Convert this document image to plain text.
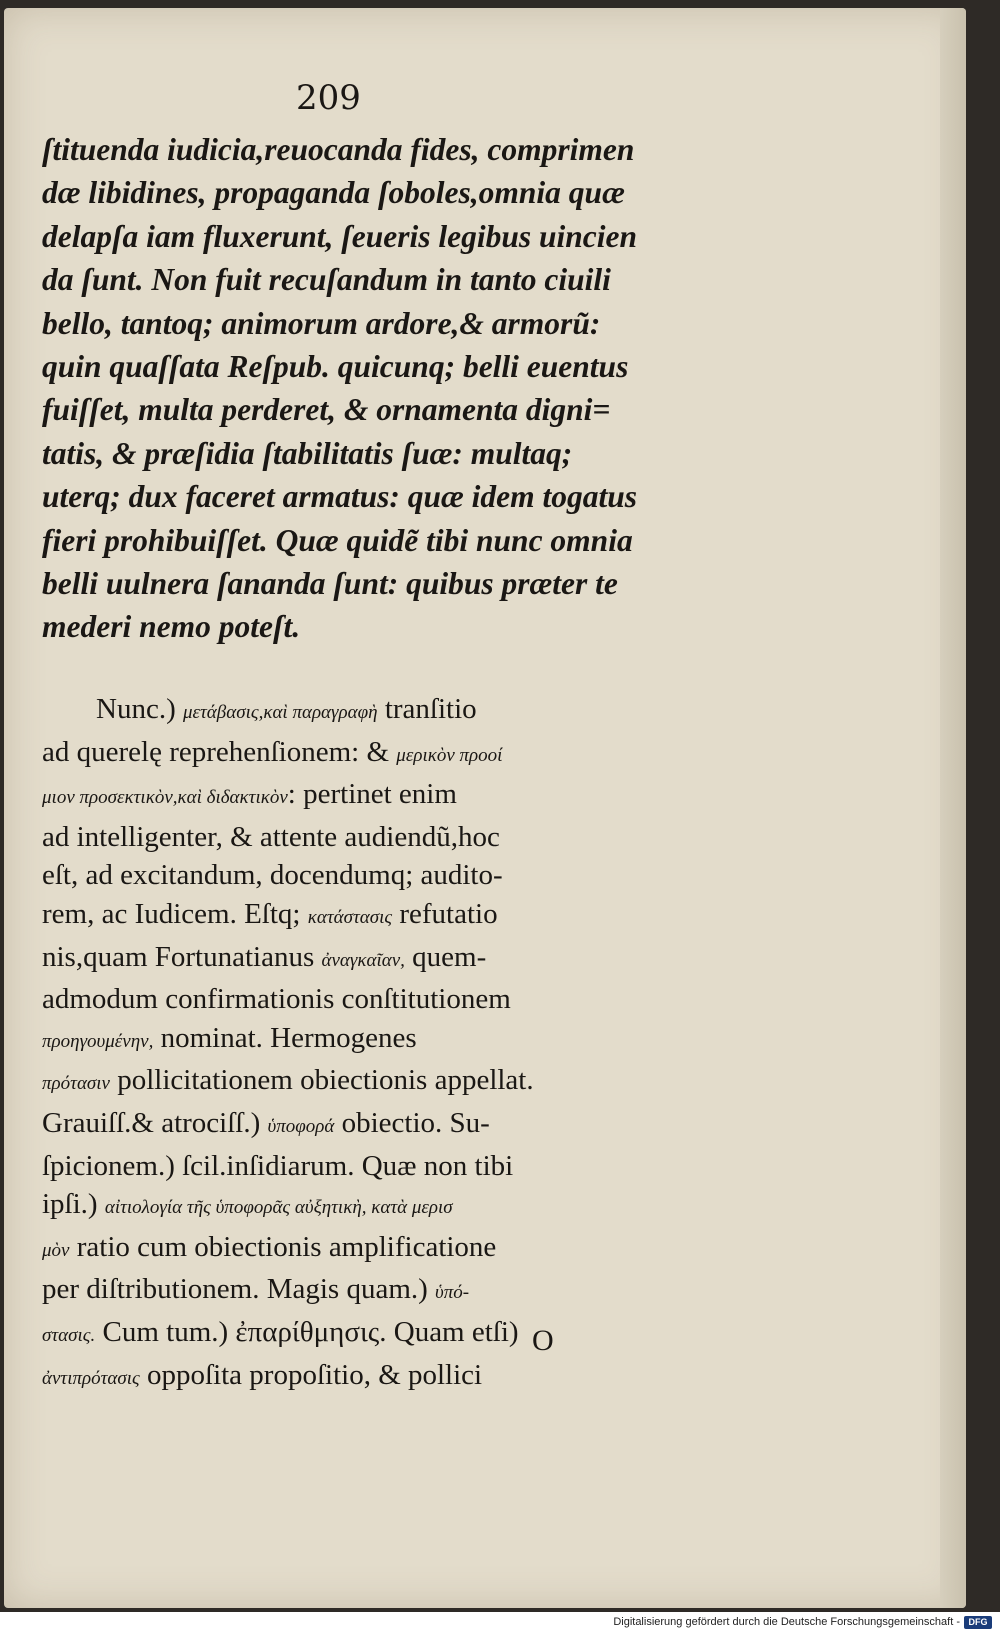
209
ſtituenda iudicia,reuocanda fides, comprimen
dæ libidines, propaganda ſoboles,omnia quæ
delapſa iam fluxerunt, ſeueris legibus uincien
da ſunt. Non fuit recuſandum in tanto ciuili
bello, tantoq; animorum ardore,& armorũ:
quin quaſſata Reſpub. quicunq; belli euentus
fuiſſet, multa perderet, & ornamenta digni=
tatis, & præſidia ſtabilitatis ſuæ: multaq;
uterq; dux faceret armatus: quæ idem togatus
fieri prohibuiſſet. Quæ quidẽ tibi nunc omnia
belli uulnera ſananda ſunt: quibus præter te
mederi nemo poteſt.
Nunc.) μετάβασις,καὶ παραγραφὴ tranſitio
ad querelę reprehenſionem: & μερικὸν προοί
μιον προσεκτικὸν,καὶ διδακτικὸν: pertinet enim
ad intelligenter, & attente audiendũ,hoc
eſt, ad excitandum, docendumq; audito-
rem, ac Iudicem. Eſtq; κατάστασις refutatio
nis,quam Fortunatianus ἀναγκαῖαν, quem-
admodum confirmationis conſtitutionem
προηγουμένην, nominat. Hermogenes
πρότασιν pollicitationem obiectionis appellat.
Grauiſſ.& atrociſſ.) ὑποφορά obiectio. Su-
ſpicionem.) ſcil.inſidiarum. Quæ non tibi
ipſi.) αἰτιολογία τῆς ὑποφορᾶς αὐξητικὴ, κατὰ μερισ
μὸν ratio cum obiectionis amplificatione
per diſtributionem. Magis quam.) ὑπό-
στασις. Cum tum.) ἐπαρίθμησις. Quam etſi)
ἀντιπρότασις oppoſita propoſitio, & pollici
O
Digitalisierung gefördert durch die Deutsche Forschungsgemeinschaft - DFG
